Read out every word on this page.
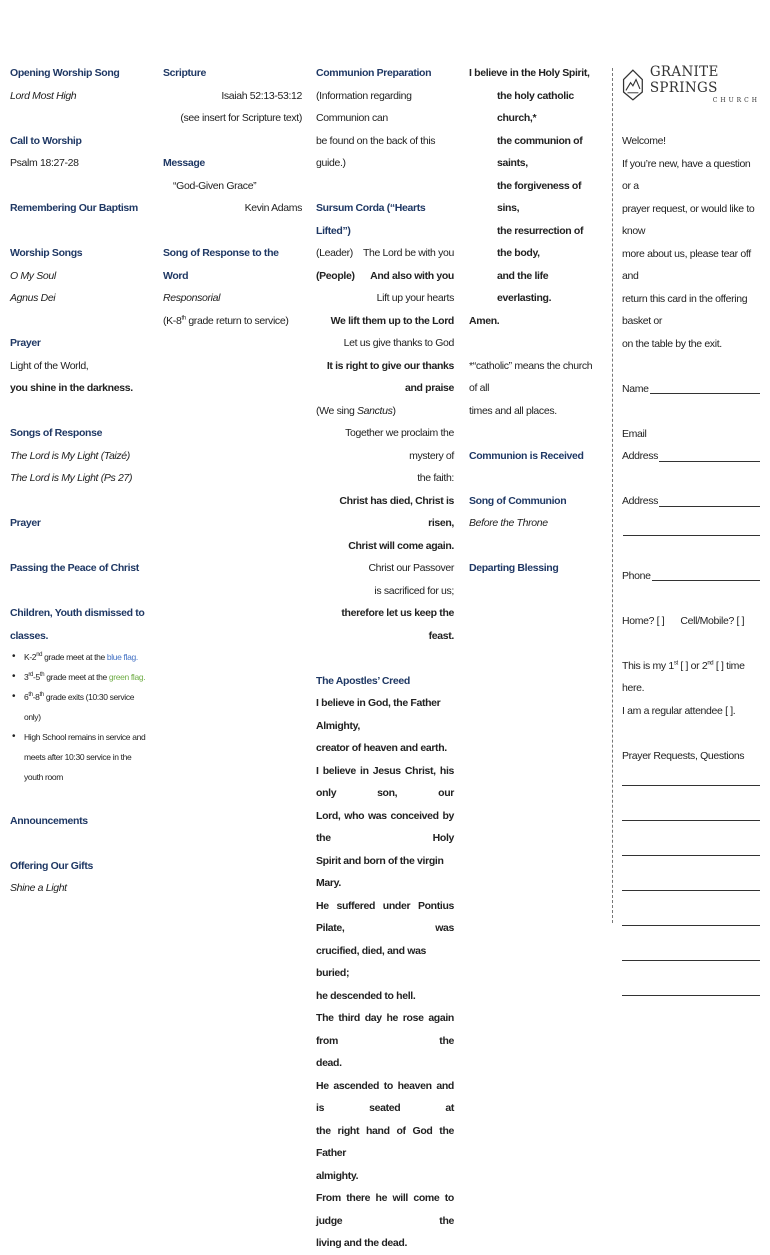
Opening Worship Song
Lord Most High
Call to Worship
Psalm 18:27-28
Remembering Our Baptism
Worship Songs
O My Soul
Agnus Dei
Prayer
Light of the World,
you shine in the darkness.
Songs of Response
The Lord is My Light (Taizé)
The Lord is My Light (Ps 27)
Prayer
Passing the Peace of Christ
Children, Youth dismissed to classes.
• K-2nd grade meet at the blue flag.
• 3rd-5th grade meet at the green flag.
• 6th-8th grade exits (10:30 service only)
• High School remains in service and meets after 10:30 service in the youth room
Announcements
Offering Our Gifts
Shine a Light
Scripture
Isaiah 52:13-53:12
(see insert for Scripture text)
Message
“God-Given Grace”
Kevin Adams
Song of Response to the Word
Responsorial
(K-8th grade return to service)
Communion Preparation
(Information regarding Communion can
be found on the back of this guide.)
Sursum Corda (“Hearts Lifted”)
(Leader) The Lord be with you
(People) And also with you
Lift up your hearts
We lift them up to the Lord
Let us give thanks to God
It is right to give our thanks and praise
(We sing Sanctus)
Together we proclaim the mystery of
the faith:
Christ has died, Christ is risen,
Christ will come again.
Christ our Passover
is sacrificed for us;
therefore let us keep the feast.
The Apostles’ Creed
I believe in God, the Father Almighty,
creator of heaven and earth.
I believe in Jesus Christ, his only son, our
Lord, who was conceived by the Holy
Spirit and born of the virgin Mary.
He suffered under Pontius Pilate, was
crucified, died, and was buried;
he descended to hell.
The third day he rose again from the
dead.
He ascended to heaven and is seated at
the right hand of God the Father
almighty.
From there he will come to judge the
living and the dead.
I believe in the Holy Spirit,
the holy catholic church,*
the communion of saints,
the forgiveness of sins,
the resurrection of the body,
and the life everlasting.
Amen.
*“catholic” means the church of all
times and all places.
Communion is Received
Song of Communion
Before the Throne
Departing Blessing
GRANITE SPRINGS
CHURCH
Welcome!
If you’re new, have a question or a
prayer request, or would like to know
more about us, please tear off and
return this card in the offering basket or
on the table by the exit.
Name
Email
Address
Address
Phone
Home? [ ] Cell/Mobile? [ ]
This is my 1st [ ] or 2nd [ ] time here.
I am a regular attendee [ ].
Prayer Requests, Questions
